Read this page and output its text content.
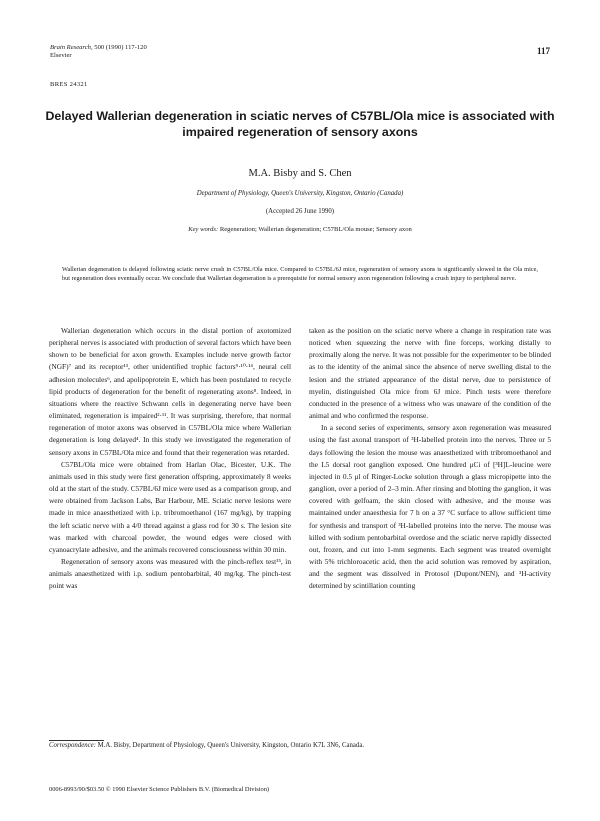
Brain Research, 500 (1990) 117-120
Elsevier	117
BRES 24321
Delayed Wallerian degeneration in sciatic nerves of C57BL/Ola mice is associated with impaired regeneration of sensory axons
M.A. Bisby and S. Chen
Department of Physiology, Queen's University, Kingston, Ontario (Canada)
(Accepted 26 June 1990)
Key words: Regeneration; Wallerian degeneration; C57BL/Ola mouse; Sensory axon
Wallerian degeneration is delayed following sciatic nerve crush in C57BL/Ola mice. Compared to C57BL/6J mice, regeneration of sensory axons is significantly slowed in the Ola mice, but regeneration does eventually occur. We conclude that Wallerian degeneration is a prerequisite for normal sensory axon regeneration following a crush injury to peripheral nerve.

Wallerian degeneration which occurs in the distal portion of axotomized peripheral nerves is associated with production of several factors which have been shown to be beneficial for axon growth. Examples include nerve growth factor (NGF)⁷ and its receptor¹³, other unidentified trophic factors⁹·¹⁰·¹⁴, neural cell adhesion molecules⁶, and apolipoprotein E, which has been postulated to recycle lipid products of degeneration for the benefit of regenerating axons⁸. Indeed, in situations where the reactive Schwann cells in degenerating nerve have been eliminated, regeneration is impaired²·¹¹. It was surprising, therefore, that normal regeneration of motor axons was observed in C57BL/Ola mice where Wallerian degeneration is long delayed⁴. In this study we investigated the regeneration of sensory axons in C57BL/Ola mice and found that their regeneration was retarded.

C57BL/Ola mice were obtained from Harlan Olac, Bicester, U.K. The animals used in this study were first generation offspring, approximately 8 weeks old at the start of the study. C57BL/6J mice were used as a comparison group, and were obtained from Jackson Labs, Bar Harbour, ME. Sciatic nerve lesions were made in mice anaesthetized with i.p. tribromoethanol (167 mg/kg), by trapping the left sciatic nerve with a 4/0 thread against a glass rod for 30 s. The lesion site was marked with charcoal powder, the wound edges were closed with cyanoacrylate adhesive, and the animals recovered consciousness within 30 min.

Regeneration of sensory axons was measured with the pinch-reflex test¹⁵, in animals anaesthetized with i.p. sodium pentobarbital, 40 mg/kg. The pinch-test point was

taken as the position on the sciatic nerve where a change in respiration rate was noticed when squeezing the nerve with fine forceps, working distally to proximally along the nerve. It was not possible for the experimenter to be blinded as to the identity of the animal since the absence of nerve swelling distal to the lesion and the striated appearance of the distal nerve, due to persistence of myelin, distinguished Ola mice from 6J mice. Pinch tests were therefore conducted in the presence of a witness who was unaware of the condition of the animal and who confirmed the response.

In a second series of experiments, sensory axon regeneration was measured using the fast axonal transport of ³H-labelled protein into the nerves. Three or 5 days following the lesion the mouse was anaesthetized with tribromoethanol and the L5 dorsal root ganglion exposed. One hundred μCi of [³H]L-leucine were injected in 0.5 μl of Ringer-Locke solution through a glass micropipette into the ganglion, over a period of 2–3 min. After rinsing and blotting the ganglion, it was covered with gelfoam, the skin closed with adhesive, and the mouse was maintained under anaesthesia for 7 h on a 37 °C surface to allow sufficient time for synthesis and transport of ³H-labelled proteins into the nerve. The mouse was killed with sodium pentobarbital overdose and the sciatic nerve rapidly dissected out, frozen, and cut into 1-mm segments. Each segment was treated overnight with 5% trichloroacetic acid, then the acid solution was removed by aspiration, and the segment was dissolved in Protosol (Dupont/NEN), and ³H-activity determined by scintillation counting

Correspondence: M.A. Bisby, Department of Physiology, Queen's University, Kingston, Ontario K7L 3N6, Canada.
0006-8993/90/$03.50 © 1990 Elsevier Science Publishers B.V. (Biomedical Division)
